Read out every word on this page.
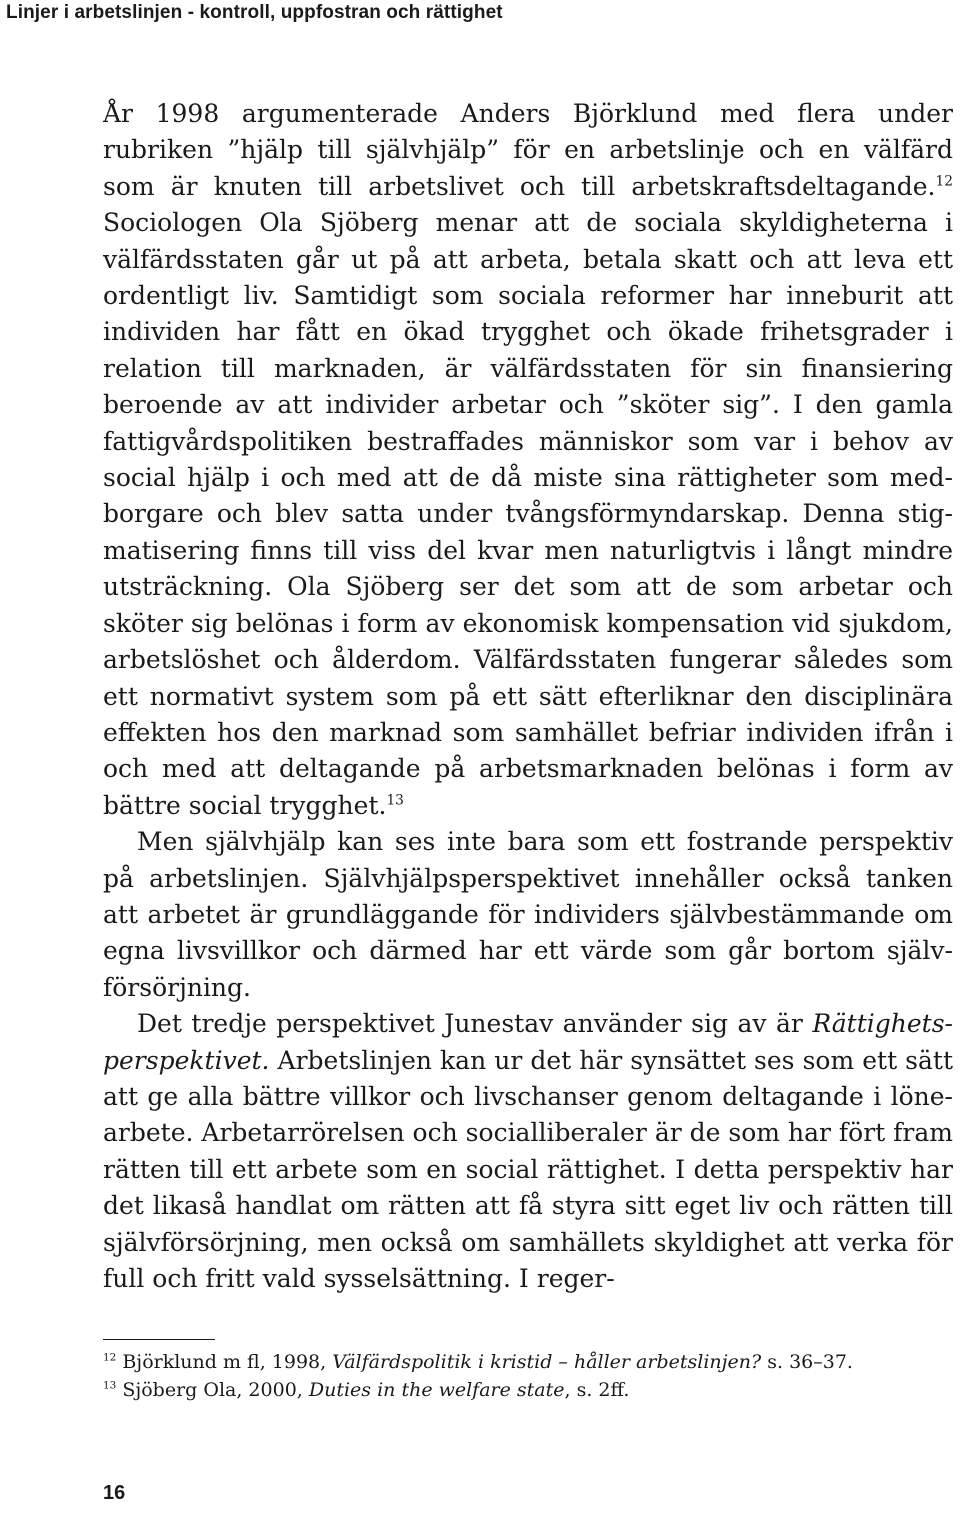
Linjer i arbetslinjen - kontroll, uppfostran och rättighet

År 1998 argumenterade Anders Björklund med flera under rubriken ”hjälp till självhjälp” för en arbetslinje och en välfärd som är knuten till arbetslivet och till arbetskraftsdeltagande.$^{12}$ Sociologen Ola Sjöberg menar att de sociala skyldigheterna i välfärdsstaten går ut på att arbeta, betala skatt och att leva ett ordentligt liv. Samtidigt som sociala reformer har inneburit att individen har fått en ökad trygghet och ökade frihetsgrader i relation till marknaden, är välfärdsstaten för sin finansiering beroende av att individer arbetar och ”sköter sig”. I den gamla fattigvårdspolitiken bestraffades människor som var i behov av social hjälp i och med att de då miste sina rättigheter som medborgare och blev satta under tvångsförmyndarskap. Denna stigmatisering finns till viss del kvar men naturligtvis i långt mindre utsträckning. Ola Sjöberg ser det som att de som arbetar och sköter sig belönas i form av ekonomisk kompensation vid sjukdom, arbetslöshet och ålderdom. Välfärdsstaten fungerar således som ett normativt system som på ett sätt efterliknar den disciplinära effekten hos den marknad som samhället befriar individen ifrån i och med att deltagande på arbetsmarknaden belönas i form av bättre social trygghet.$^{13}$

Men självhjälp kan ses inte bara som ett fostrande perspektiv på arbetslinjen. Självhjälpsperspektivet innehåller också tanken att arbetet är grundläggande för individers självbestämmande om egna livsvillkor och därmed har ett värde som går bortom självförsörjning.

Det tredje perspektivet Junestav använder sig av är Rättighetsperspektivet. Arbetslinjen kan ur det här synsättet ses som ett sätt att ge alla bättre villkor och livschanser genom deltagande i lönearbete. Arbetarrörelsen och socialliberaler är de som har fört fram rätten till ett arbete som en social rättighet. I detta perspektiv har det likaså handlat om rätten att få styra sitt eget liv och rätten till självförsörjning, men också om samhällets skyldighet att verka för full och fritt vald sysselsättning. I reger-

$^{12}$ Björklund m fl, 1998, Välfärdspolitik i kristid – håller arbetslinjen? s. 36–37.

$^{13}$ Sjöberg Ola, 2000, Duties in the welfare state, s. 2ff.

16
